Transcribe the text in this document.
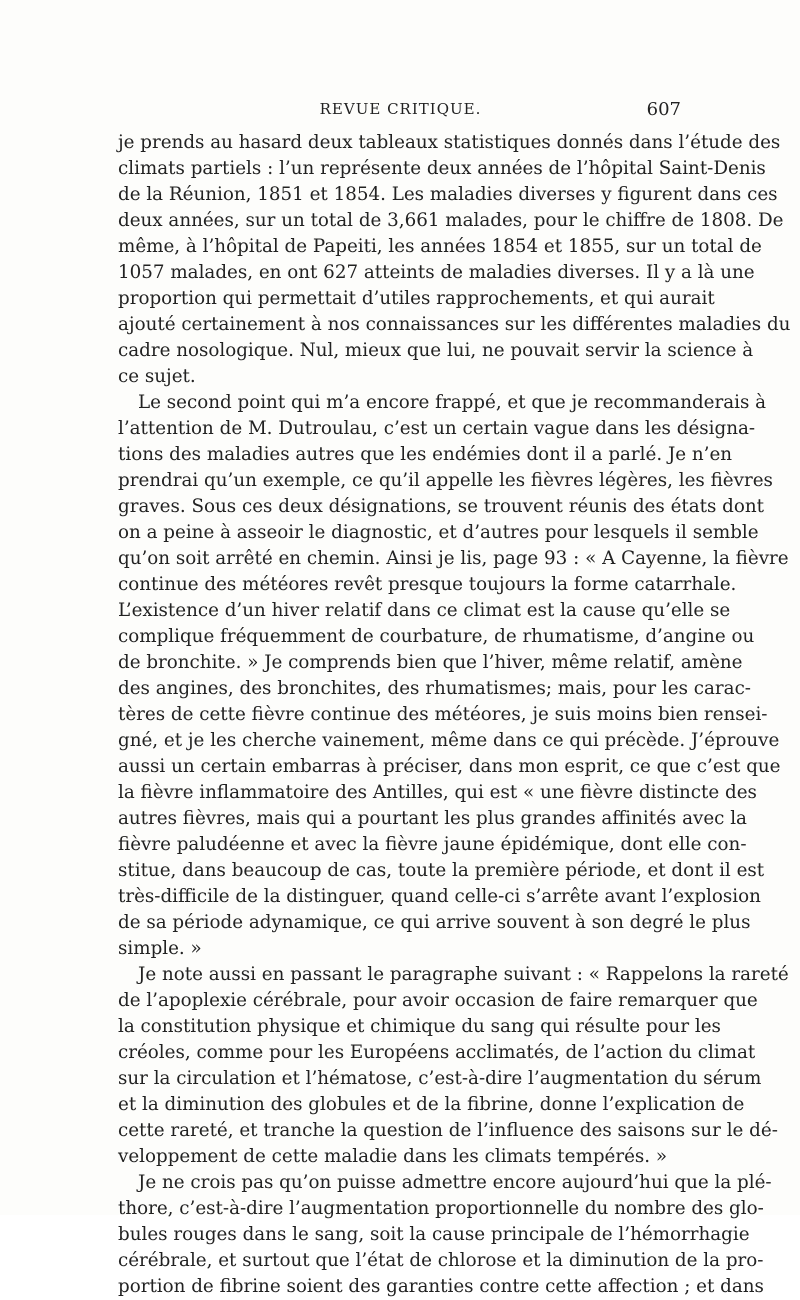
REVUE CRITIQUE.	607
je prends au hasard deux tableaux statistiques donnés dans l’étude des
climats partiels : l’un représente deux années de l’hôpital Saint-Denis
de la Réunion, 1851 et 1854. Les maladies diverses y figurent dans ces
deux années, sur un total de 3,661 malades, pour le chiffre de 1808. De
même, à l’hôpital de Papeiti, les années 1854 et 1855, sur un total de
1057 malades, en ont 627 atteints de maladies diverses. Il y a là une
proportion qui permettait d’utiles rapprochements, et qui aurait
ajouté certainement à nos connaissances sur les différentes maladies du
cadre nosologique. Nul, mieux que lui, ne pouvait servir la science à
ce sujet.
Le second point qui m’a encore frappé, et que je recommanderais à
l’attention de M. Dutroulau, c’est un certain vague dans les désigna-
tions des maladies autres que les endémies dont il a parlé. Je n’en
prendrai qu’un exemple, ce qu’il appelle les fièvres légères, les fièvres
graves. Sous ces deux désignations, se trouvent réunis des états dont
on a peine à asseoir le diagnostic, et d’autres pour lesquels il semble
qu’on soit arrêté en chemin. Ainsi je lis, page 93 : « A Cayenne, la fièvre
continue des météores revêt presque toujours la forme catarrhale.
L’existence d’un hiver relatif dans ce climat est la cause qu’elle se
complique fréquemment de courbature, de rhumatisme, d’angine ou
de bronchite. » Je comprends bien que l’hiver, même relatif, amène
des angines, des bronchites, des rhumatismes; mais, pour les carac-
tères de cette fièvre continue des météores, je suis moins bien rensei-
gné, et je les cherche vainement, même dans ce qui précède. J’éprouve
aussi un certain embarras à préciser, dans mon esprit, ce que c’est que
la fièvre inflammatoire des Antilles, qui est « une fièvre distincte des
autres fièvres, mais qui a pourtant les plus grandes affinités avec la
fièvre paludéenne et avec la fièvre jaune épidémique, dont elle con-
stitue, dans beaucoup de cas, toute la première période, et dont il est
très-difficile de la distinguer, quand celle-ci s’arrête avant l’explosion
de sa période adynamique, ce qui arrive souvent à son degré le plus
simple. »
Je note aussi en passant le paragraphe suivant : « Rappelons la rareté
de l’apoplexie cérébrale, pour avoir occasion de faire remarquer que
la constitution physique et chimique du sang qui résulte pour les
créoles, comme pour les Européens acclimatés, de l’action du climat
sur la circulation et l’hématose, c’est-à-dire l’augmentation du sérum
et la diminution des globules et de la fibrine, donne l’explication de
cette rareté, et tranche la question de l’influence des saisons sur le dé-
veloppement de cette maladie dans les climats tempérés. »
Je ne crois pas qu’on puisse admettre encore aujourd’hui que la plé-
thore, c’est-à-dire l’augmentation proportionnelle du nombre des glo-
bules rouges dans le sang, soit la cause principale de l’hémorrhagie
cérébrale, et surtout que l’état de chlorose et la diminution de la pro-
portion de fibrine soient des garanties contre cette affection ; et dans
